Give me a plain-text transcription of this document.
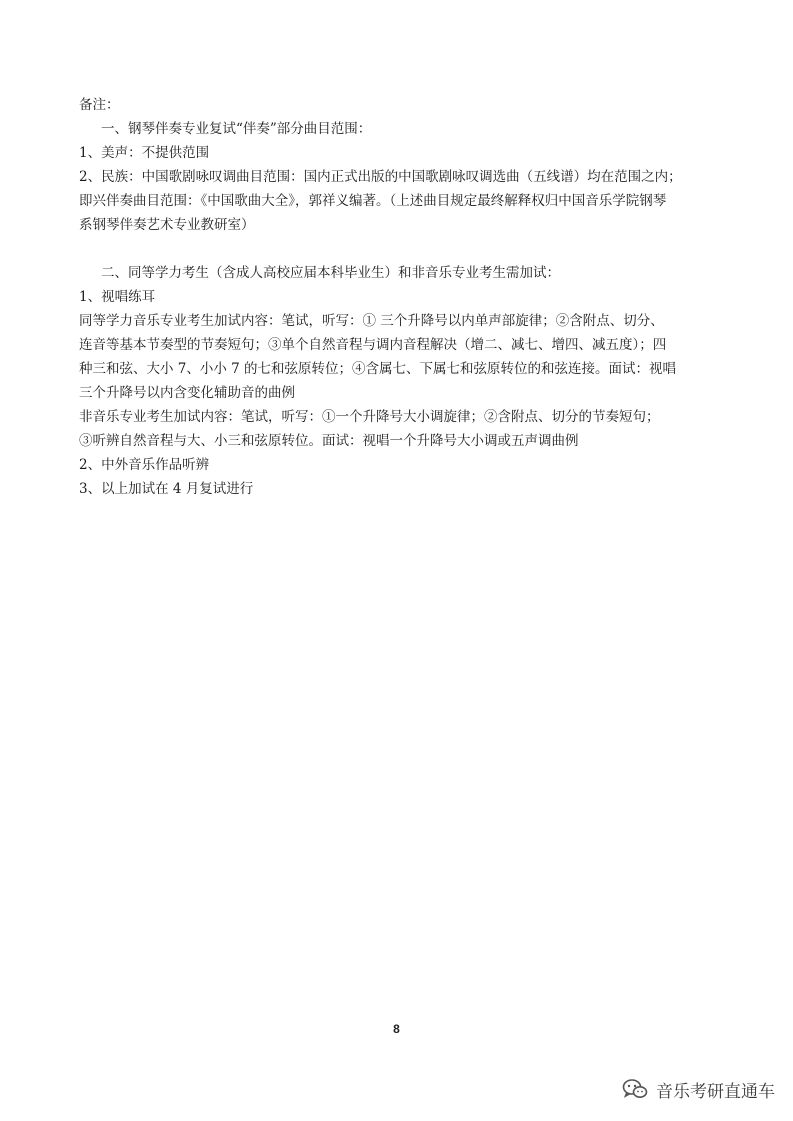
备注：
一、钢琴伴奏专业复试“伴奏”部分曲目范围：
1、美声：不提供范围
2、民族：中国歌剧咏叹调曲目范围：国内正式出版的中国歌剧咏叹调选曲（五线谱）均在范围之内；
即兴伴奏曲目范围：《中国歌曲大全》，郭祥义编著。（上述曲目规定最终解释权归中国音乐学院钢琴
系钢琴伴奏艺术专业教研室）
二、同等学力考生（含成人高校应届本科毕业生）和非音乐专业考生需加试：
1、视唱练耳
同等学力音乐专业考生加试内容：笔试，听写：① 三个升降号以内单声部旋律；②含附点、切分、
连音等基本节奏型的节奏短句；③单个自然音程与调内音程解决（增二、减七、增四、减五度）；四
种三和弦、大小 7、小小 7 的七和弦原转位；④含属七、下属七和弦原转位的和弦连接。面试：视唱
三个升降号以内含变化辅助音的曲例
非音乐专业考生加试内容：笔试，听写：①一个升降号大小调旋律；②含附点、切分的节奏短句；
③听辨自然音程与大、小三和弦原转位。面试：视唱一个升降号大小调或五声调曲例
2、中外音乐作品听辨
3、以上加试在 4 月复试进行
8
音乐考研直通车
